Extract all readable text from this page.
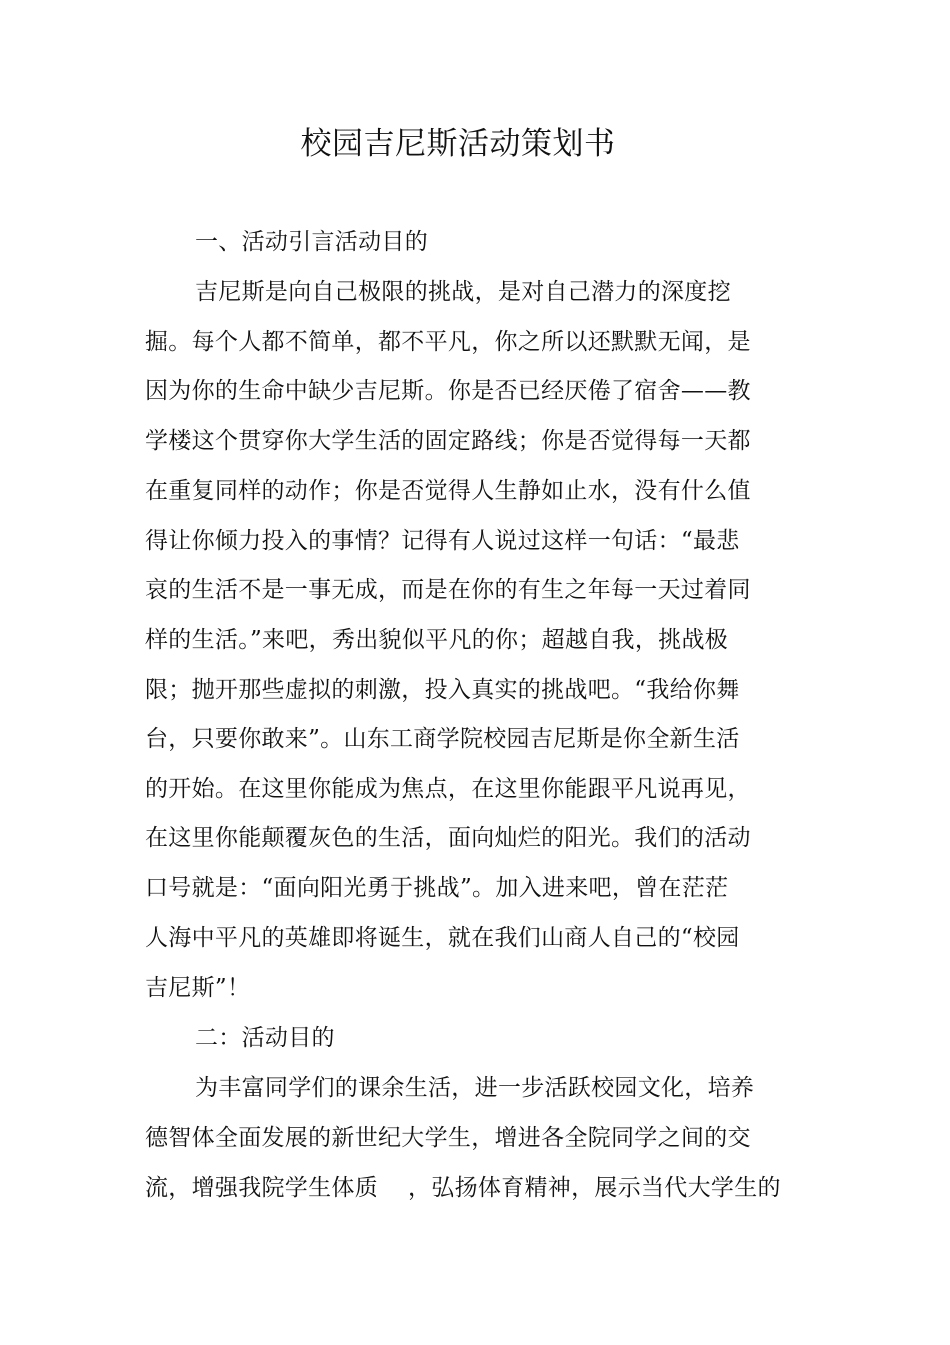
校园吉尼斯活动策划书
一、活动引言活动目的
吉尼斯是向自己极限的挑战，是对自己潜力的深度挖
掘。每个人都不简单，都不平凡，你之所以还默默无闻，是
因为你的生命中缺少吉尼斯。你是否已经厌倦了宿舍——教
学楼这个贯穿你大学生活的固定路线；你是否觉得每一天都
在重复同样的动作；你是否觉得人生静如止水，没有什么值
得让你倾力投入的事情？记得有人说过这样一句话：“最悲
哀的生活不是一事无成，而是在你的有生之年每一天过着同
样的生活。”来吧，秀出貌似平凡的你；超越自我，挑战极
限；抛开那些虚拟的刺激，投入真实的挑战吧。“我给你舞
台，只要你敢来”。山东工商学院校园吉尼斯是你全新生活
的开始。在这里你能成为焦点，在这里你能跟平凡说再见，
在这里你能颠覆灰色的生活，面向灿烂的阳光。我们的活动
口号就是：“面向阳光勇于挑战”。加入进来吧，曾在茫茫
人海中平凡的英雄即将诞生，就在我们山商人自己的“校园
吉尼斯”！
二：活动目的
为丰富同学们的课余生活，进一步活跃校园文化，培养
德智体全面发展的新世纪大学生，增进各全院同学之间的交
流，增强我院学生体质 ，弘扬体育精神，展示当代大学生的
